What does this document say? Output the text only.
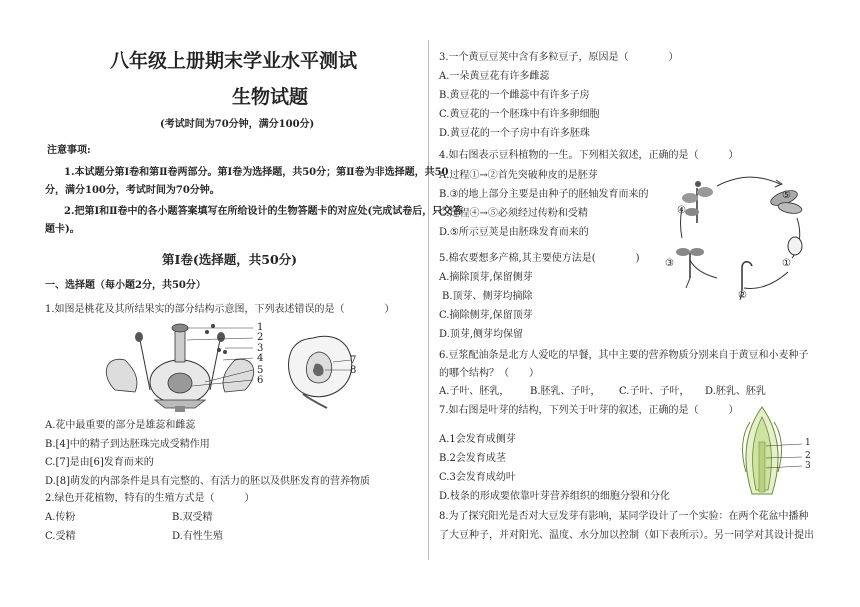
八年级上册期末学业水平测试
生物试题
(考试时间为70分钟，满分100分)
注意事项:
1.本试题分第Ⅰ卷和第Ⅱ卷两部分。第Ⅰ卷为选择题，共50分；第Ⅱ卷为非选择题，共50
分，满分100分，考试时间为70分钟。
2.把第Ⅰ和Ⅱ卷中的各小题答案填写在所给设计的生物答题卡的对应处(完成试卷后，只交答
题卡)。
第Ⅰ卷(选择题，共50分)
一、选择题（每小题2分，共50分）
1.如图是桃花及其所结果实的部分结构示意图，下列表述错误的是（　　　　）
1
2
3
4
5
6
7
8
A.花中最重要的部分是雄蕊和雌蕊
B.[4]中的精子到达胚珠完成受精作用
C.[7]是由[6]发育而来的
D.[8]萌发的内部条件是具有完整的、有活力的胚以及供胚发育的营养物质
2.绿色开花植物，特有的生殖方式是（　　　）
A.传粉	B.双受精
C.受精	D.有性生殖
3.一个黄豆豆荚中含有多粒豆子，原因是（　　　　）
A.一朵黄豆花有许多雌蕊
B.黄豆花的一个雌蕊中有许多子房
C.黄豆花的一个胚珠中有许多卵细胞
D.黄豆花的一个子房中有许多胚珠
4.如右图表示豆科植物的一生。下列相关叙述，正确的是（　　　）
A.过程①→②首先突破种皮的是胚芽
B.③的地上部分主要是由种子的胚轴发育而来的
C.过程④→⑤必须经过传粉和受精
D.⑤所示豆荚是由胚珠发育而来的
④
⑤
①
②
③
5.棉农要想多产棉,其主要使方法是(　　　　)
A.摘除顶芽,保留侧芽
B.顶芽、侧芽均摘除
C.摘除侧芽,保留顶芽
D.顶芽,侧芽均保留
6.豆浆配油条是北方人爱吃的早餐，其中主要的营养物质分别来自于黄豆和小麦种子
的哪个结构？（　　）
A.子叶、胚乳， B.胚乳、子叶， C.子叶、子叶， D.胚乳、胚乳
7.如右图是叶芽的结构，下列关于叶芽的叙述，正确的是（　　　）
1
2
3
A.1会发育成侧芽
B.2会发育成茎
C.3会发育成幼叶
D.枝条的形成要依靠叶芽营养组织的细胞分裂和分化
8.为了探究阳光是否对大豆发芽有影响，某同学设计了一个实验：在两个花盆中播种
了大豆种子，并对阳光、温度、水分加以控制（如下表所示）。另一同学对其设计提出
